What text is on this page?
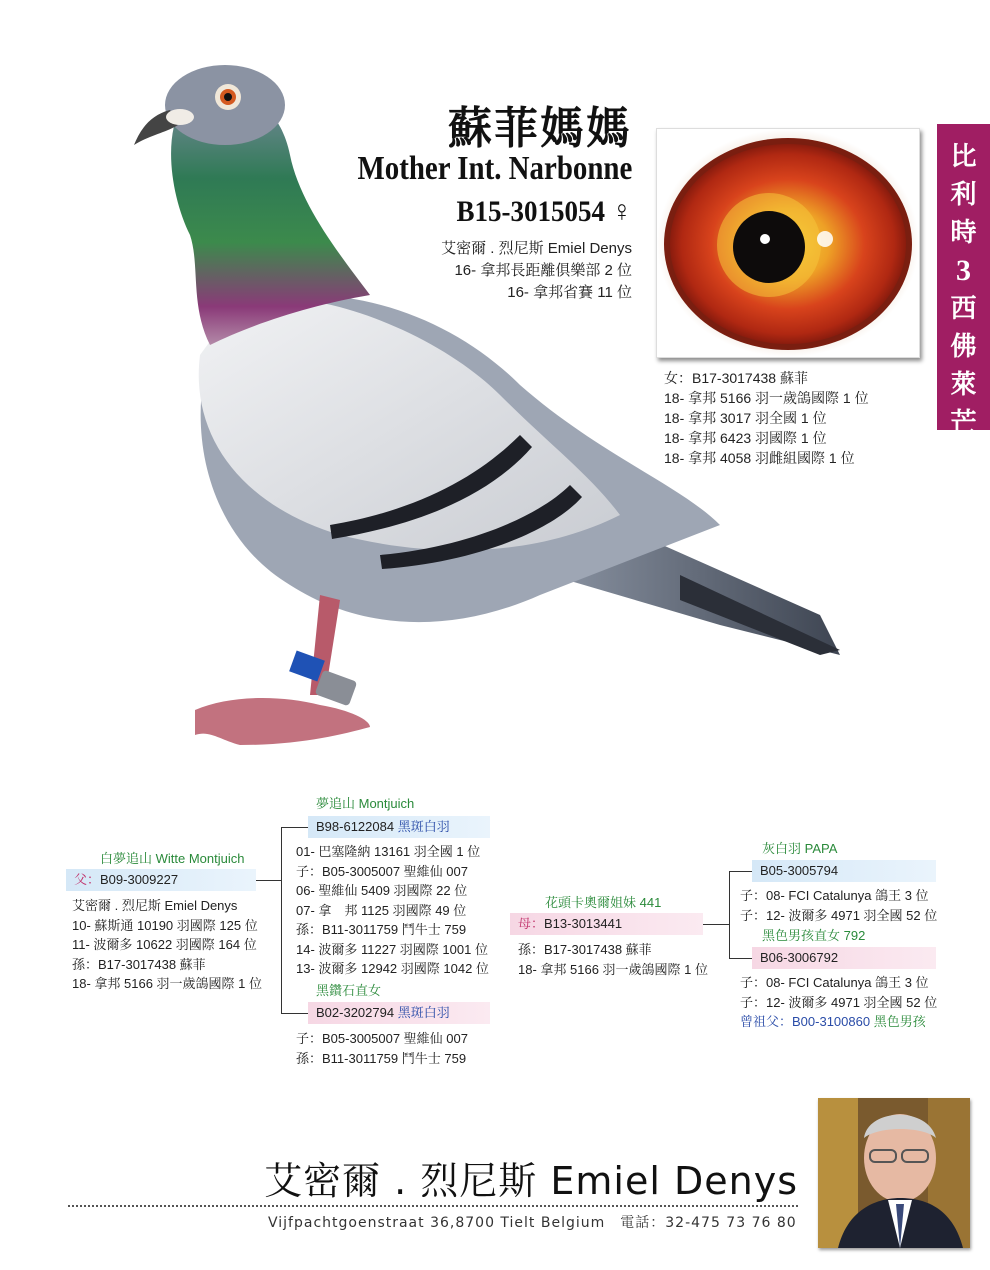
蘇菲媽媽
Mother Int. Narbonne
B15-3015054 ♀
艾密爾 . 烈尼斯 Emiel Denys
16- 拿邦長距離俱樂部 2 位
16- 拿邦省賽 11 位
比
利
時
3
西
佛
萊
芒
女：B17-3017438 蘇菲
18- 拿邦 5166 羽一歲鴿國際 1 位
18- 拿邦 3017 羽全國 1 位
18- 拿邦 6423 羽國際 1 位
18- 拿邦 4058 羽雌組國際 1 位
白夢追山 Witte Montjuich
父：B09-3009227
艾密爾 . 烈尼斯 Emiel Denys
10- 蘇斯通 10190 羽國際 125 位
11- 波爾多 10622 羽國際 164 位
孫：B17-3017438 蘇菲
18- 拿邦 5166 羽一歲鴿國際 1 位
夢追山 Montjuich
B98-6122084 黑斑白羽
01- 巴塞隆納 13161 羽全國 1 位
子：B05-3005007 聖維仙 007
06- 聖維仙 5409 羽國際 22 位
07- 拿　邦 1125 羽國際 49 位
孫：B11-3011759 鬥牛士 759
14- 波爾多 11227 羽國際 1001 位
13- 波爾多 12942 羽國際 1042 位
黑鑽石直女
B02-3202794 黑斑白羽
子：B05-3005007 聖維仙 007
孫：B11-3011759 鬥牛士 759
花頭卡奧爾姐妹 441
母：B13-3013441
孫：B17-3017438 蘇菲
18- 拿邦 5166 羽一歲鴿國際 1 位
灰白羽 PAPA
B05-3005794
子：08- FCI Catalunya 鴿王 3 位
子：12- 波爾多 4971 羽全國 52 位
黑色男孩直女 792
B06-3006792
子：08- FCI Catalunya 鴿王 3 位
子：12- 波爾多 4971 羽全國 52 位
曾祖父：B00-3100860 黑色男孩
艾密爾 . 烈尼斯 Emiel Denys
Vijfpachtgoenstraat 36,8700 Tielt Belgium　電話：32-475 73 76 80
